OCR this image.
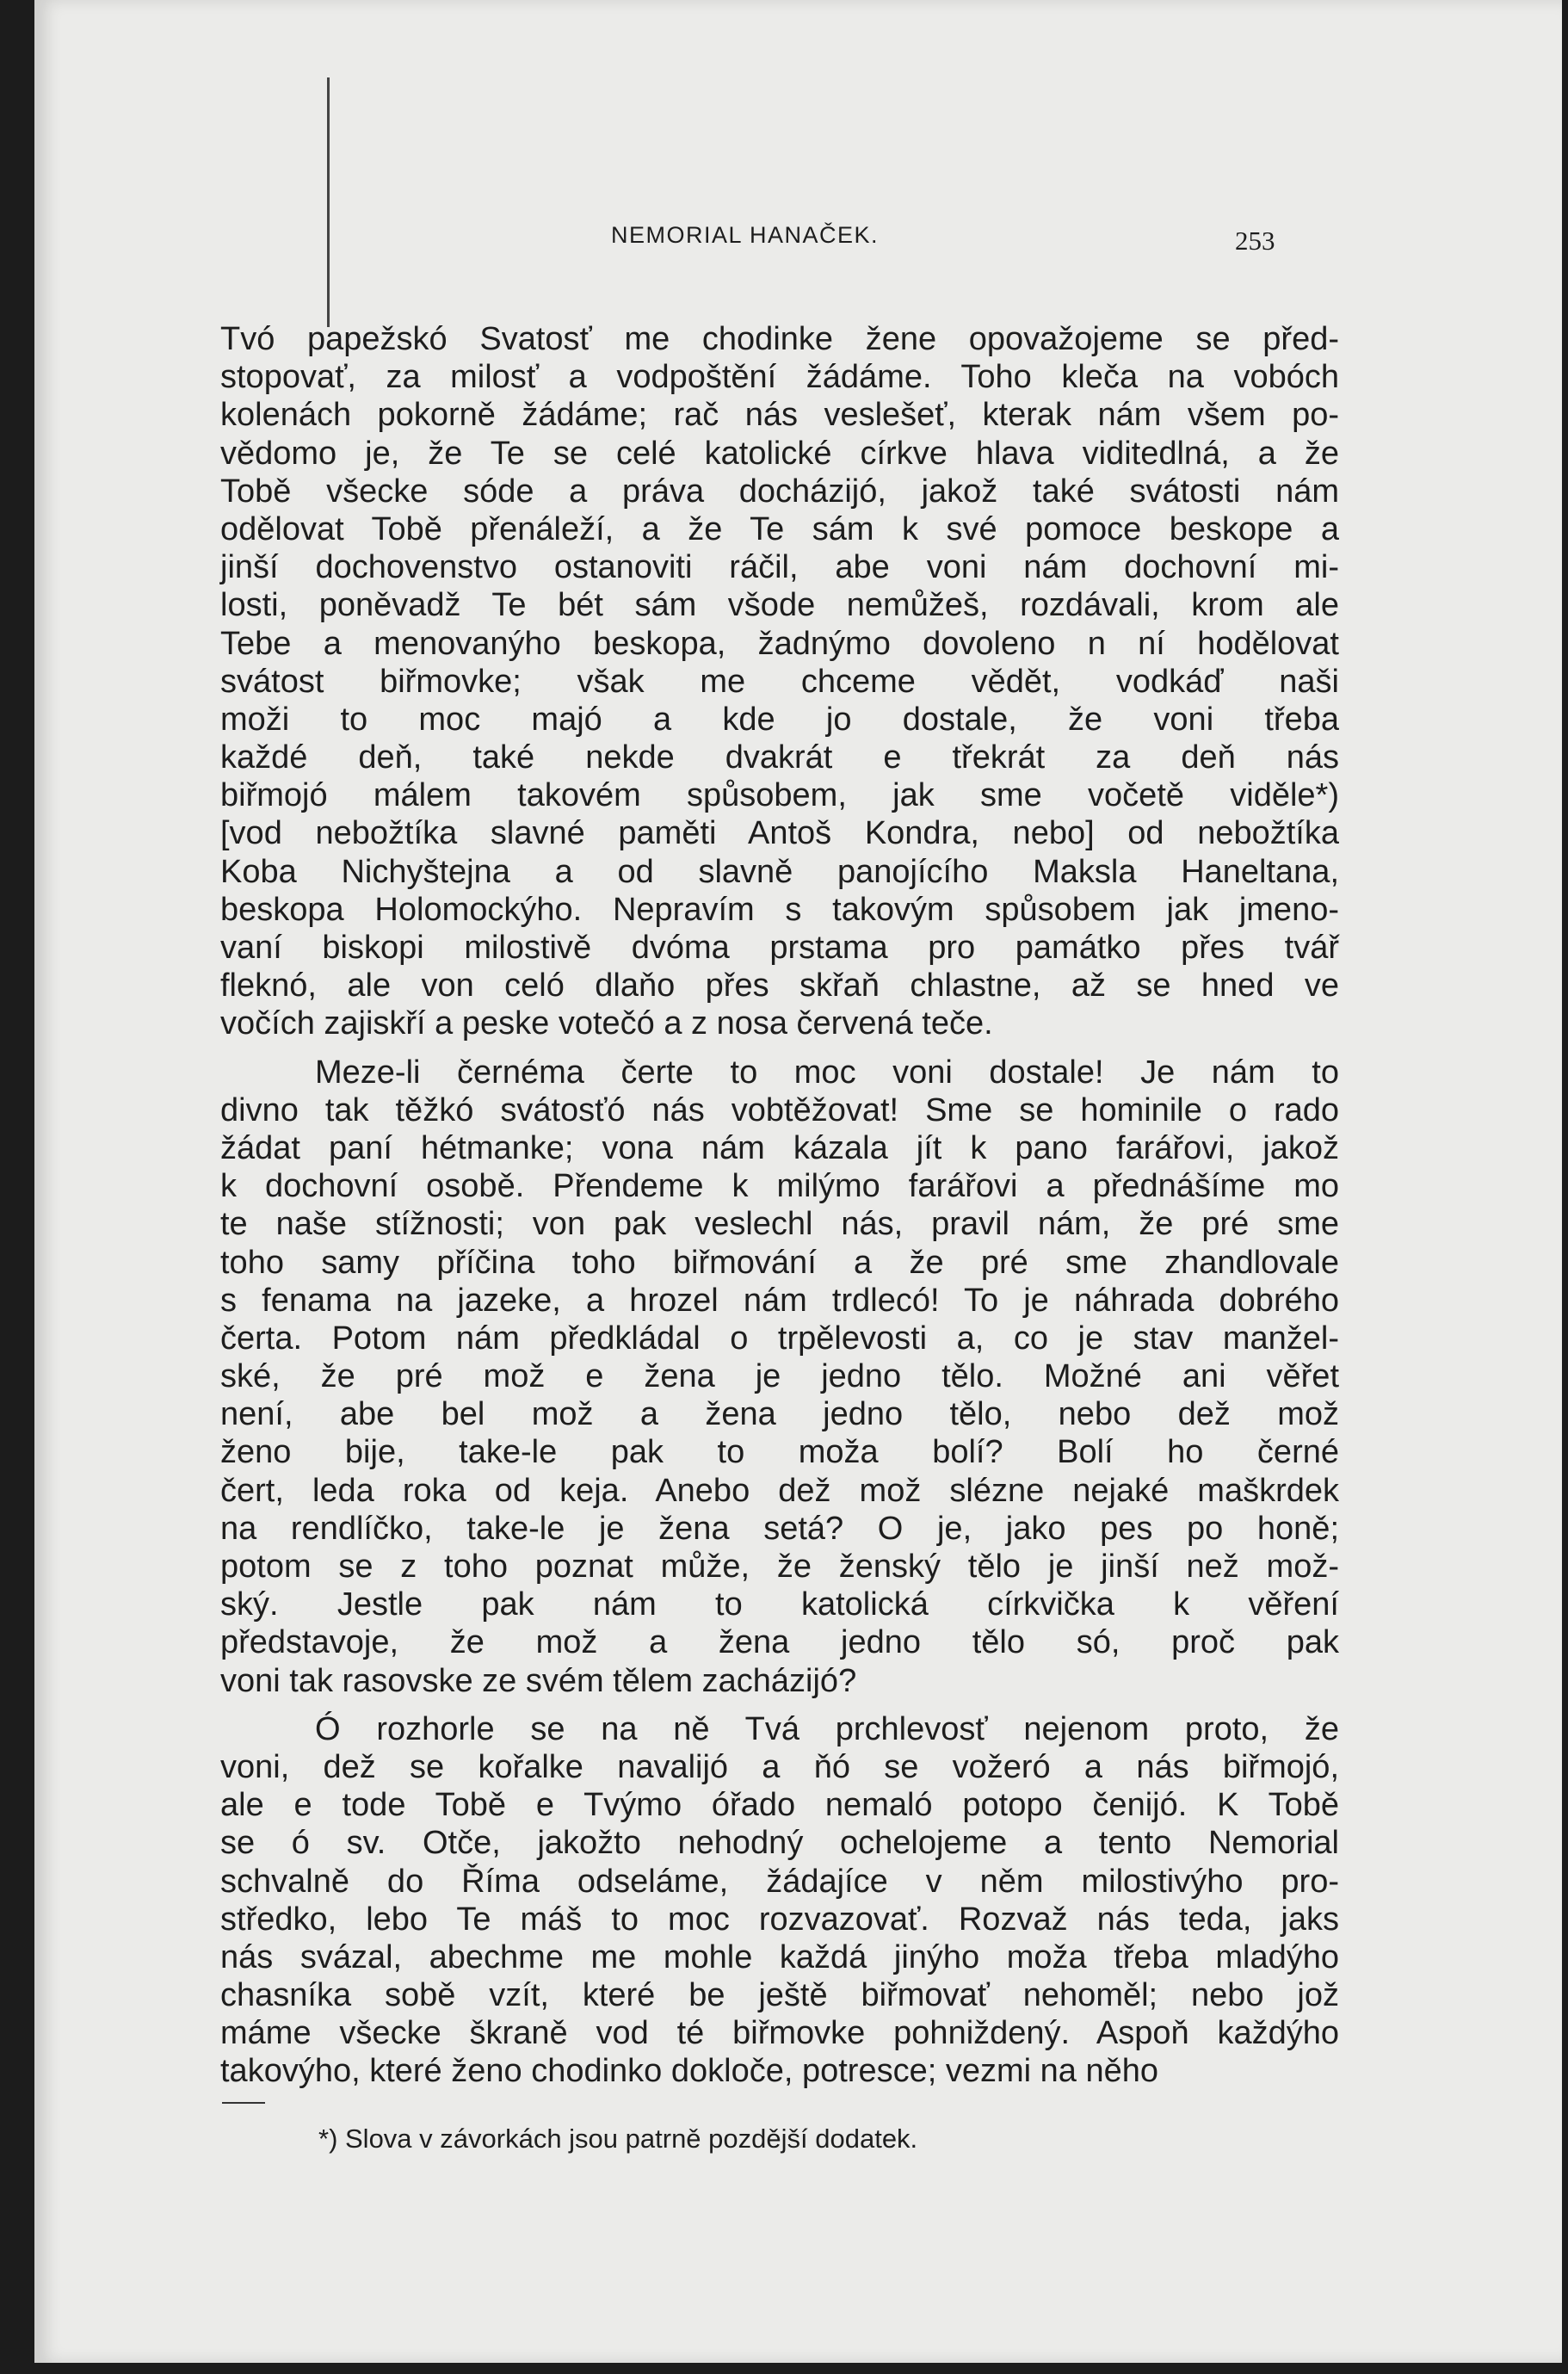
NEMORIAL HANAČEK.	253
Tvó papežskó Svatosť me chodinke žene opovažojeme se před-
stopovať, za milosť a vodpoštění žádáme. Toho kleča na vobóch
kolenách pokorně žádáme; rač nás veslešeť, kterak nám všem po-
vědomo je, že Te se celé katolické církve hlava viditedlná, a že
Tobě všecke sóde a práva docházijó, jakož také svátosti nám
odělovat Tobě přenáleží, a že Te sám k své pomoce beskope a
jinší dochovenstvo ostanoviti ráčil, abe voni nám dochovní mi-
losti, poněvadž Te bét sám všode nemůžeš, rozdávali, krom ale
Tebe a menovanýho beskopa, žadnýmo dovoleno n ní hodělovat
svátost biřmovke; však me chceme vědět, vodkáď naši
moži to moc majó a kde jo dostale, že voni třeba
každé deň, také nekde dvakrát e třekrát za deň nás
biřmojó málem takovém spůsobem, jak sme vočetě viděle*)
[vod nebožtíka slavné paměti Antoš Kondra, nebo] od nebožtíka
Koba Nichyštejna a od slavně panojícího Maksla Haneltana,
beskopa Holomockýho. Nepravím s takovým spůsobem jak jmeno-
vaní biskopi milostivě dvóma prstama pro památko přes tvář
fleknó, ale von celó dlaňo přes skřaň chlastne, až se hned ve
vočích zajiskří a peske votečó a z nosa červená teče.
Meze-li černéma čerte to moc voni dostale! Je nám to
divno tak těžkó svátosťó nás vobtěžovat! Sme se hominile o rado
žádat paní hétmanke; vona nám kázala jít k pano farářovi, jakož
k dochovní osobě. Přendeme k milýmo farářovi a přednášíme mo
te naše stížnosti; von pak veslechl nás, pravil nám, že pré sme
toho samy příčina toho biřmování a že pré sme zhandlovale
s fenama na jazeke, a hrozel nám trdlecó! To je náhrada dobrého
čerta. Potom nám předkládal o trpělevosti a, co je stav manžel-
ské, že pré mož e žena je jedno tělo. Možné ani věřet
není, abe bel mož a žena jedno tělo, nebo dež mož
ženo bije, take-le pak to moža bolí? Bolí ho černé
čert, leda roka od keja. Anebo dež mož slézne nejaké maškrdek
na rendlíčko, take-le je žena setá? O je, jako pes po honě;
potom se z toho poznat může, že ženský tělo je jinší než mož-
ský. Jestle pak nám to katolická církvička k věření
představoje, že mož a žena jedno tělo só, proč pak
voni tak rasovske ze svém tělem zacházijó?
Ó rozhorle se na ně Tvá prchlevosť nejenom proto, že
voni, dež se kořalke navalijó a ňó se vožeró a nás biřmojó,
ale e tode Tobě e Tvýmo óřado nemaló potopo čenijó. K Tobě
se ó sv. Otče, jakožto nehodný ochelojeme a tento Nemorial
schvalně do Říma odseláme, žádajíce v něm milostivýho pro-
středko, lebo Te máš to moc rozvazovať. Rozvaž nás teda, jaks
nás svázal, abechme me mohle každá jinýho moža třeba mladýho
chasníka sobě vzít, které be ještě biřmovať nehoměl; nebo jož
máme všecke škraně vod té biřmovke pohniždený. Aspoň každýho
takovýho, které ženo chodinko dokloče, potresce; vezmi na něho
*) Slova v závorkách jsou patrně pozdější dodatek.
